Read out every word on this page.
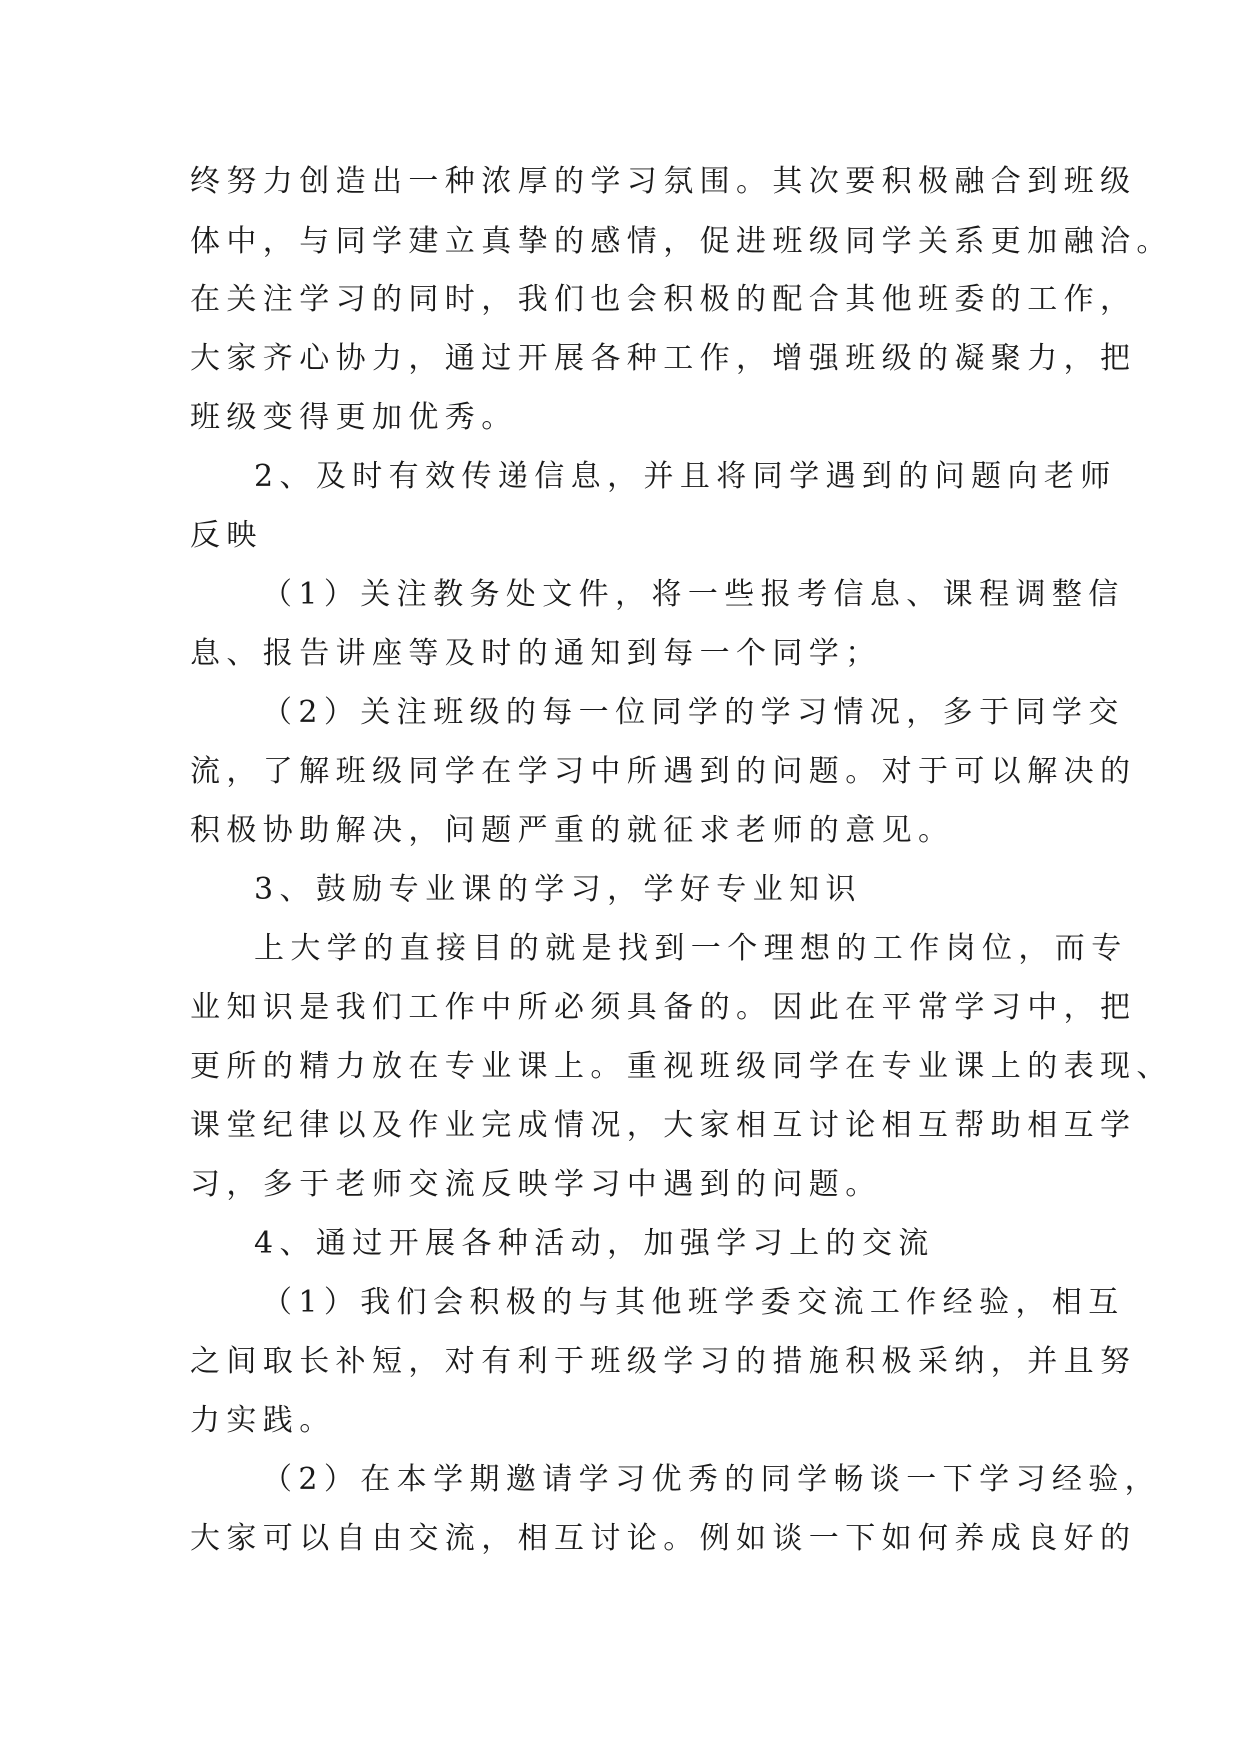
终努力创造出一种浓厚的学习氛围。其次要积极融合到班级
体中，与同学建立真挚的感情，促进班级同学关系更加融洽。
在关注学习的同时，我们也会积极的配合其他班委的工作，
大家齐心协力，通过开展各种工作，增强班级的凝聚力，把
班级变得更加优秀。
2、及时有效传递信息，并且将同学遇到的问题向老师
反映
（1）关注教务处文件，将一些报考信息、课程调整信
息、报告讲座等及时的通知到每一个同学；
（2）关注班级的每一位同学的学习情况，多于同学交
流，了解班级同学在学习中所遇到的问题。对于可以解决的
积极协助解决，问题严重的就征求老师的意见。
3、鼓励专业课的学习，学好专业知识
上大学的直接目的就是找到一个理想的工作岗位，而专
业知识是我们工作中所必须具备的。因此在平常学习中，把
更所的精力放在专业课上。重视班级同学在专业课上的表现、
课堂纪律以及作业完成情况，大家相互讨论相互帮助相互学
习，多于老师交流反映学习中遇到的问题。
4、通过开展各种活动，加强学习上的交流
（1）我们会积极的与其他班学委交流工作经验，相互
之间取长补短，对有利于班级学习的措施积极采纳，并且努
力实践。
（2）在本学期邀请学习优秀的同学畅谈一下学习经验，
大家可以自由交流，相互讨论。例如谈一下如何养成良好的
